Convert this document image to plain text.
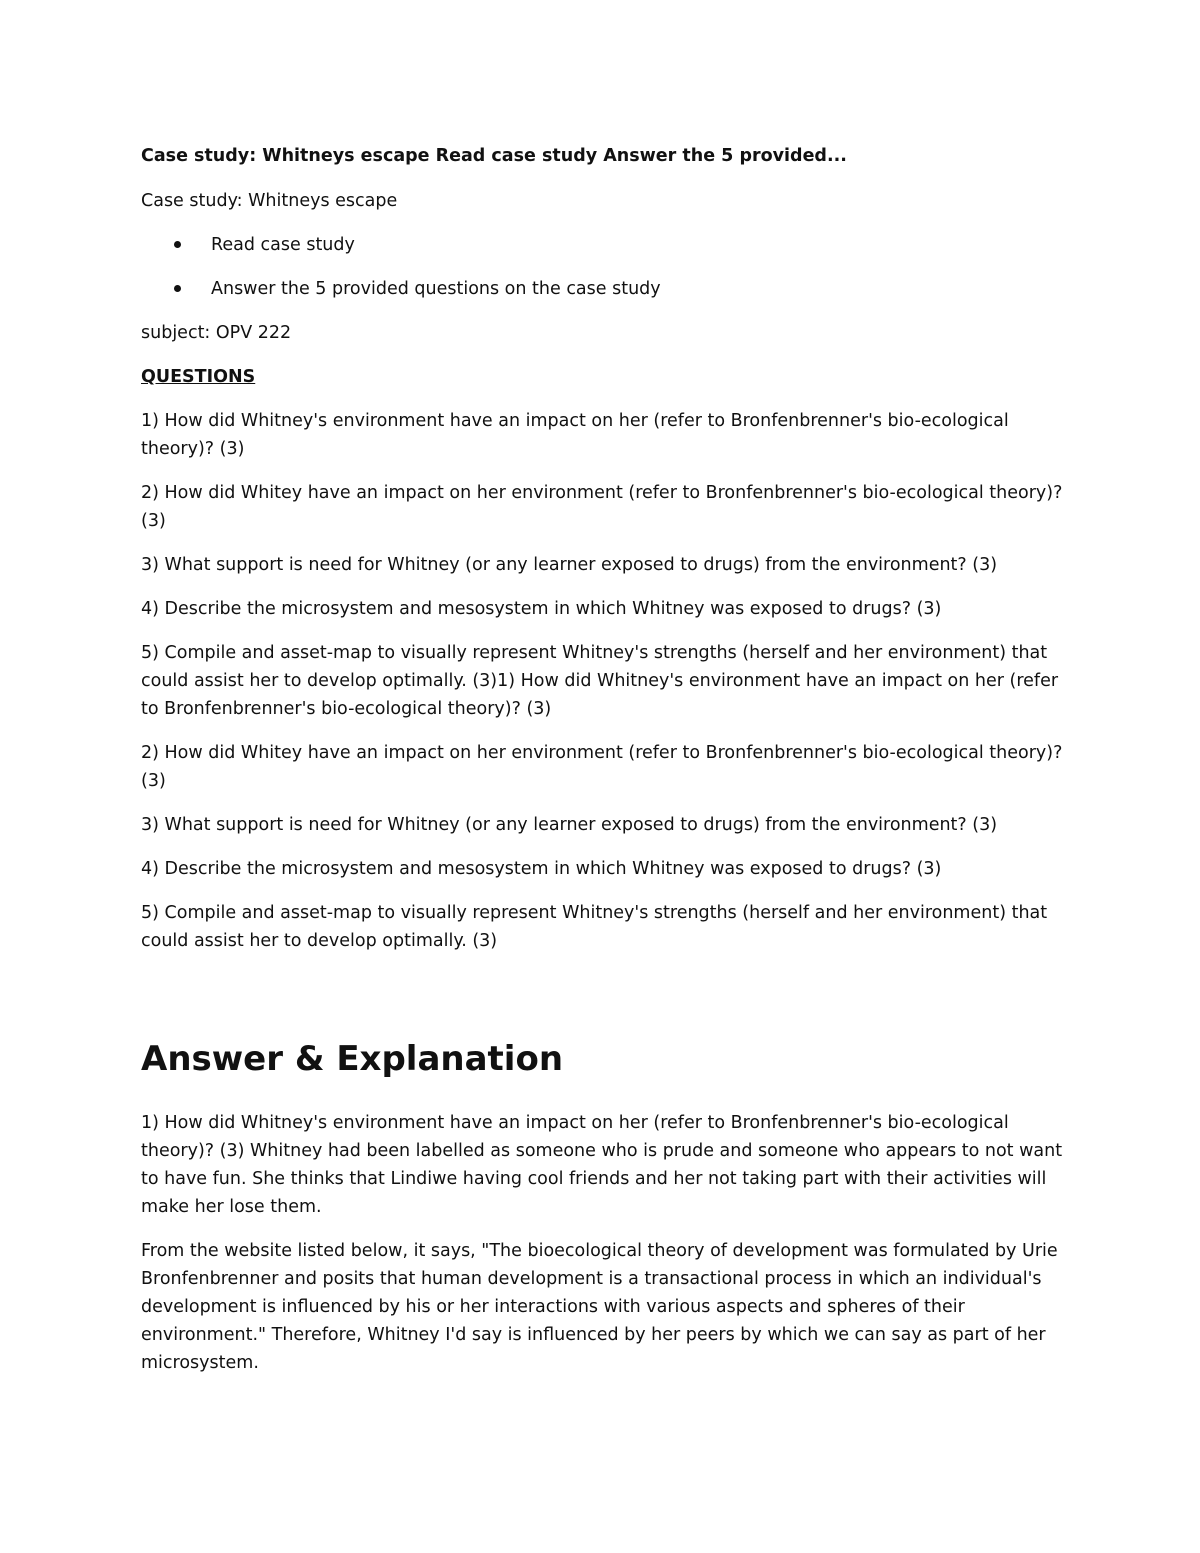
Case study: Whitneys escape Read case study Answer the 5 provided...

Case study: Whitneys escape

Read case study
Answer the 5 provided questions on the case study

subject: OPV 222

QUESTIONS

1) How did Whitney's environment have an impact on her (refer to Bronfenbrenner's bio-ecological theory)? (3)

2) How did Whitey have an impact on her environment (refer to Bronfenbrenner's bio-ecological theory)? (3)

3) What support is need for Whitney (or any learner exposed to drugs) from the environment? (3)

4) Describe the microsystem and mesosystem in which Whitney was exposed to drugs? (3)

5) Compile and asset-map to visually represent Whitney's strengths (herself and her environment) that could assist her to develop optimally. (3)1) How did Whitney's environment have an impact on her (refer to Bronfenbrenner's bio-ecological theory)? (3)

2) How did Whitey have an impact on her environment (refer to Bronfenbrenner's bio-ecological theory)? (3)

3) What support is need for Whitney (or any learner exposed to drugs) from the environment? (3)

4) Describe the microsystem and mesosystem in which Whitney was exposed to drugs? (3)

5) Compile and asset-map to visually represent Whitney's strengths (herself and her environment) that could assist her to develop optimally. (3)

Answer & Explanation

1) How did Whitney's environment have an impact on her (refer to Bronfenbrenner's bio-ecological theory)? (3) Whitney had been labelled as someone who is prude and someone who appears to not want to have fun. She thinks that Lindiwe having cool friends and her not taking part with their activities will make her lose them.

From the website listed below, it says, "The bioecological theory of development was formulated by Urie Bronfenbrenner and posits that human development is a transactional process in which an individual's development is influenced by his or her interactions with various aspects and spheres of their environment." Therefore, Whitney I'd say is influenced by her peers by which we can say as part of her microsystem.
